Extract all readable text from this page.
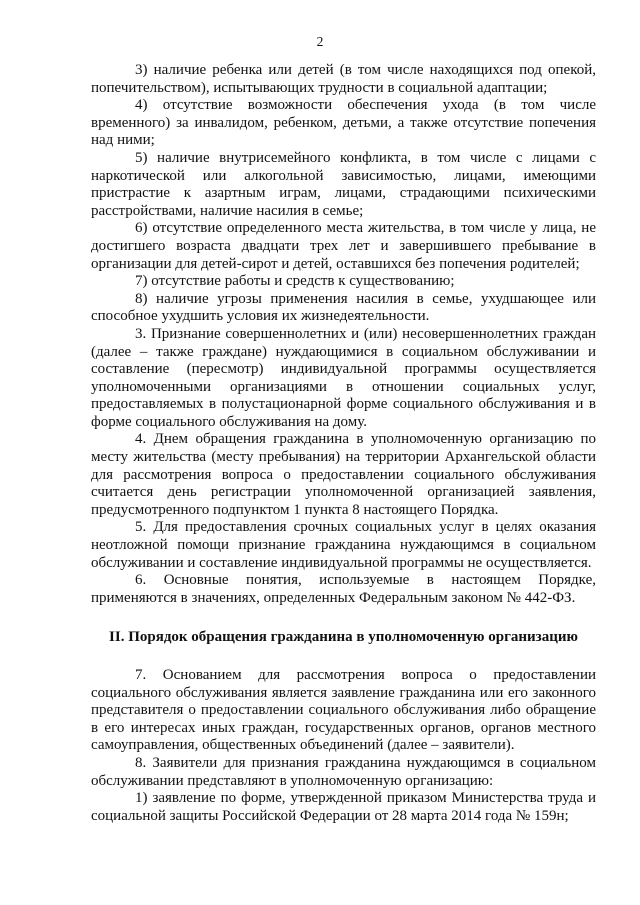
2

3) наличие ребенка или детей (в том числе находящихся под опекой, попечительством), испытывающих трудности в социальной адаптации;

4) отсутствие возможности обеспечения ухода (в том числе временного) за инвалидом, ребенком, детьми, а также отсутствие попечения над ними;

5) наличие внутрисемейного конфликта, в том числе с лицами с наркотической или алкогольной зависимостью, лицами, имеющими пристрастие к азартным играм, лицами, страдающими психическими расстройствами, наличие насилия в семье;

6) отсутствие определенного места жительства, в том числе у лица, не достигшего возраста двадцати трех лет и завершившего пребывание в организации для детей-сирот и детей, оставшихся без попечения родителей;

7) отсутствие работы и средств к существованию;

8) наличие угрозы применения насилия в семье, ухудшающее или способное ухудшить условия их жизнедеятельности.

3. Признание совершеннолетних и (или) несовершеннолетних граждан (далее – также граждане) нуждающимися в социальном обслуживании и составление (пересмотр) индивидуальной программы осуществляется уполномоченными организациями в отношении социальных услуг, предоставляемых в полустационарной форме социального обслуживания и в форме социального обслуживания на дому.

4. Днем обращения гражданина в уполномоченную организацию по месту жительства (месту пребывания) на территории Архангельской области для рассмотрения вопроса о предоставлении социального обслуживания считается день регистрации уполномоченной организацией заявления, предусмотренного подпунктом 1 пункта 8 настоящего Порядка.

5. Для предоставления срочных социальных услуг в целях оказания неотложной помощи признание гражданина нуждающимся в социальном обслуживании и составление индивидуальной программы не осуществляется.

6. Основные понятия, используемые в настоящем Порядке, применяются в значениях, определенных Федеральным законом № 442-ФЗ.

II. Порядок обращения гражданина в уполномоченную организацию

7. Основанием для рассмотрения вопроса о предоставлении социального обслуживания является заявление гражданина или его законного представителя о предоставлении социального обслуживания либо обращение в его интересах иных граждан, государственных органов, органов местного самоуправления, общественных объединений (далее – заявители).

8. Заявители для признания гражданина нуждающимся в социальном обслуживании представляют в уполномоченную организацию:

1) заявление по форме, утвержденной приказом Министерства труда и социальной защиты Российской Федерации от 28 марта 2014 года № 159н;
